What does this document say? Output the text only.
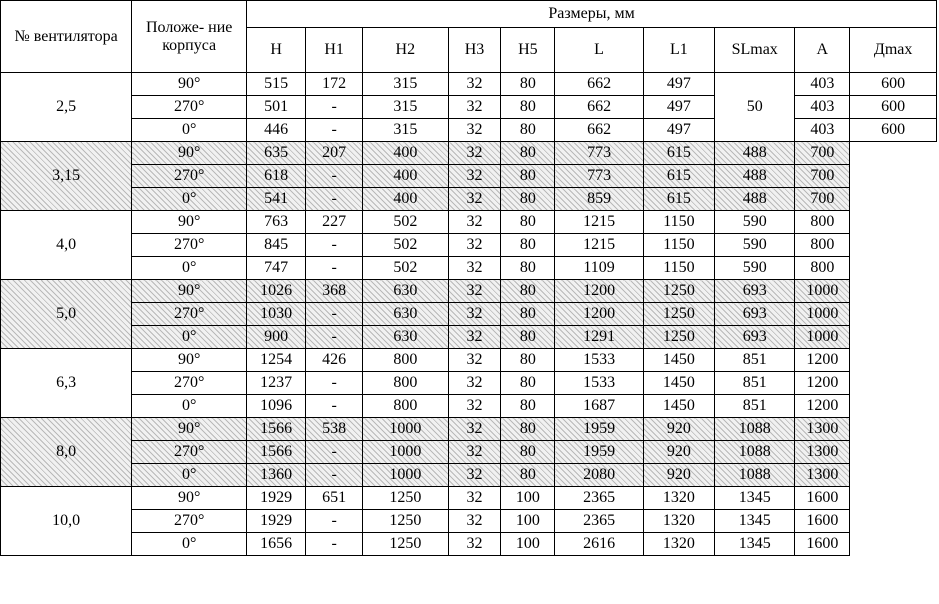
№ вентилятора	Положе- ние корпуса	Размеры, мм									
		H	H1	H2	H3	H5	L	L1	SLmax	A	Дmax
2,5	90°	515	172	315	32	80	662	497	50	403	600
	270°	501	-	315	32	80	662	497		403	600
	0°	446	-	315	32	80	662	497		403	600
3,15	90°	635	207	400	32	80	773	615	488	700	
	270°	618	-	400	32	80	773	615	488	700	
	0°	541	-	400	32	80	859	615	488	700	
4,0	90°	763	227	502	32	80	1215	1150	590	800	
	270°	845	-	502	32	80	1215	1150	590	800	
	0°	747	-	502	32	80	1109	1150	590	800	
5,0	90°	1026	368	630	32	80	1200	1250	693	1000	
	270°	1030	-	630	32	80	1200	1250	693	1000	
	0°	900	-	630	32	80	1291	1250	693	1000	
6,3	90°	1254	426	800	32	80	1533	1450	851	1200	
	270°	1237	-	800	32	80	1533	1450	851	1200	
	0°	1096	-	800	32	80	1687	1450	851	1200	
8,0	90°	1566	538	1000	32	80	1959	920	1088	1300	
	270°	1566	-	1000	32	80	1959	920	1088	1300	
	0°	1360	-	1000	32	80	2080	920	1088	1300	
10,0	90°	1929	651	1250	32	100	2365	1320	1345	1600	
	270°	1929	-	1250	32	100	2365	1320	1345	1600	
	0°	1656	-	1250	32	100	2616	1320	1345	1600	
